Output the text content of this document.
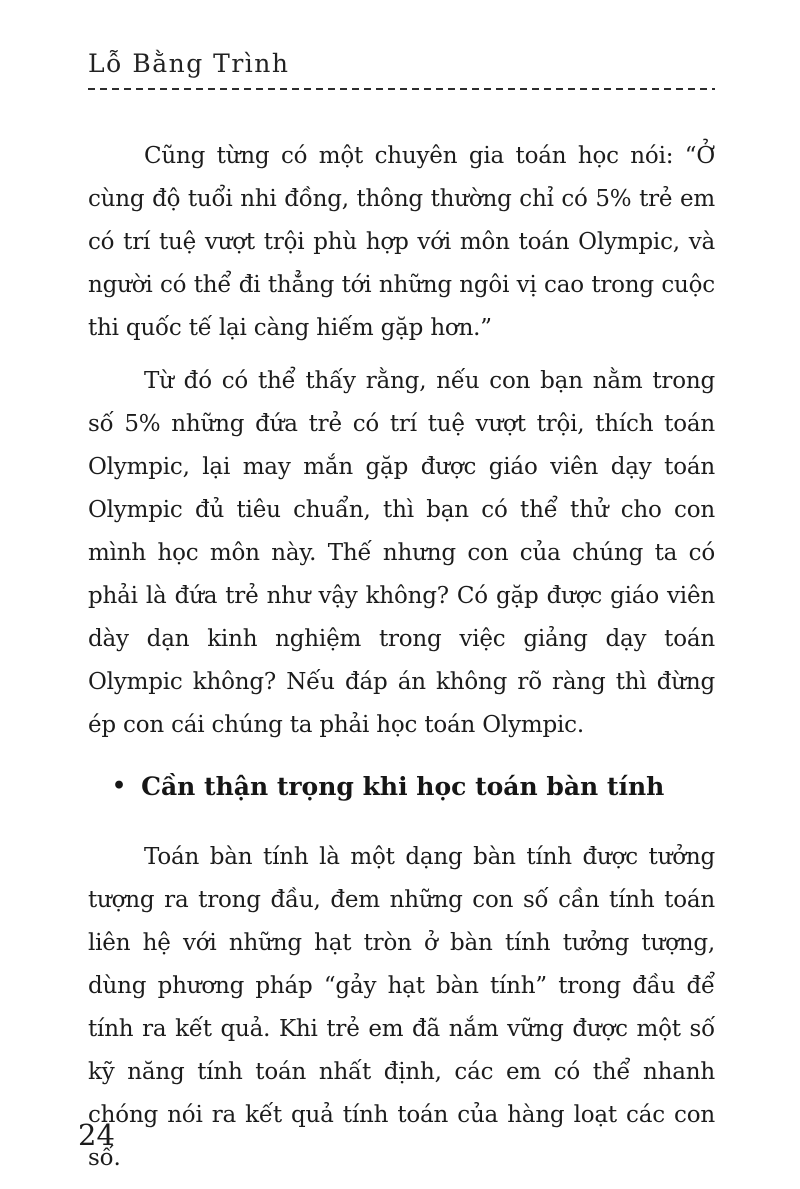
Lỗ Bằng Trình

Cũng từng có một chuyên gia toán học nói: “Ở cùng độ tuổi nhi đồng, thông thường chỉ có 5% trẻ em có trí tuệ vượt trội phù hợp với môn toán Olympic, và người có thể đi thẳng tới những ngôi vị cao trong cuộc thi quốc tế lại càng hiếm gặp hơn.”

Từ đó có thể thấy rằng, nếu con bạn nằm trong số 5% những đứa trẻ có trí tuệ vượt trội, thích toán Olympic, lại may mắn gặp được giáo viên dạy toán Olympic đủ tiêu chuẩn, thì bạn có thể thử cho con mình học môn này. Thế nhưng con của chúng ta có phải là đứa trẻ như vậy không? Có gặp được giáo viên dày dạn kinh nghiệm trong việc giảng dạy toán Olympic không? Nếu đáp án không rõ ràng thì đừng ép con cái chúng ta phải học toán Olympic.

• Cần thận trọng khi học toán bàn tính

Toán bàn tính là một dạng bàn tính được tưởng tượng ra trong đầu, đem những con số cần tính toán liên hệ với những hạt tròn ở bàn tính tưởng tượng, dùng phương pháp “gảy hạt bàn tính” trong đầu để tính ra kết quả. Khi trẻ em đã nắm vững được một số kỹ năng tính toán nhất định, các em có thể nhanh chóng nói ra kết quả tính toán của hàng loạt các con số.

24
